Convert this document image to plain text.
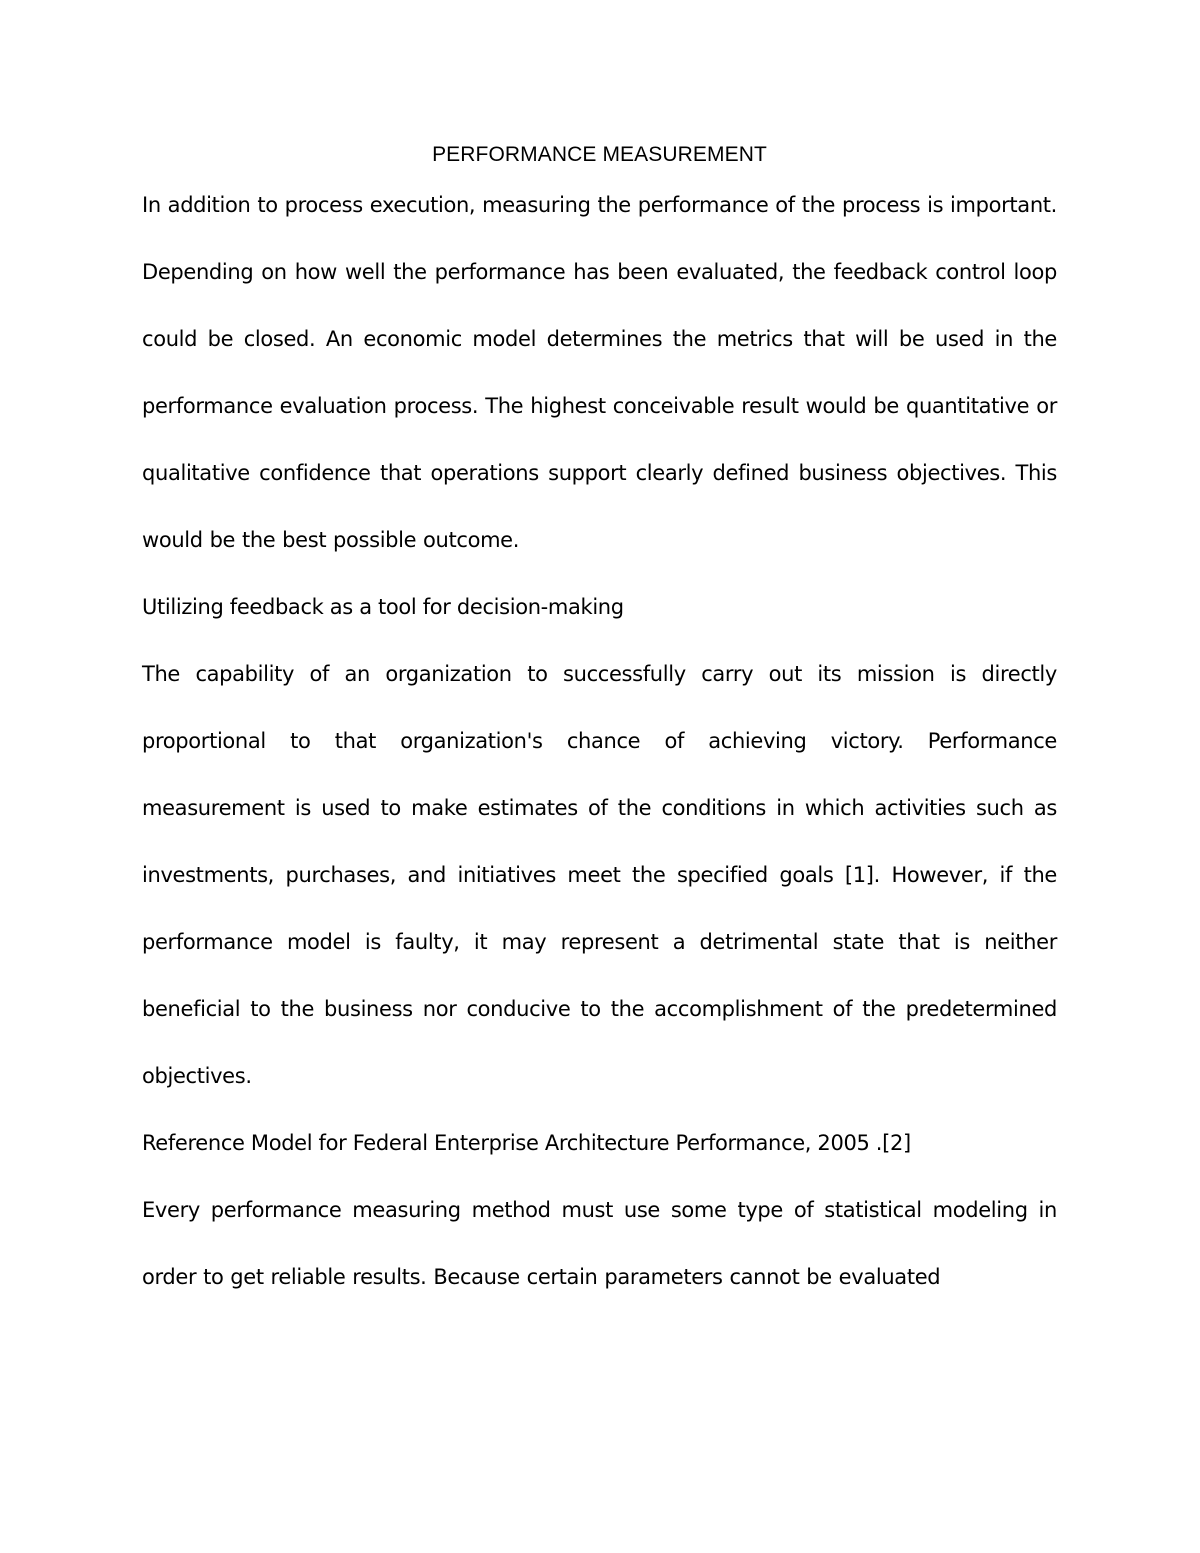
PERFORMANCE MEASUREMENT

In addition to process execution, measuring the performance of the process is important. Depending on how well the performance has been evaluated, the feedback control loop could be closed. An economic model determines the metrics that will be used in the performance evaluation process. The highest conceivable result would be quantitative or qualitative confidence that operations support clearly defined business objectives. This would be the best possible outcome.

Utilizing feedback as a tool for decision-making

The capability of an organization to successfully carry out its mission is directly proportional to that organization's chance of achieving victory. Performance measurement is used to make estimates of the conditions in which activities such as investments, purchases, and initiatives meet the specified goals [1]. However, if the performance model is faulty, it may represent a detrimental state that is neither beneficial to the business nor conducive to the accomplishment of the predetermined objectives.

Reference Model for Federal Enterprise Architecture Performance, 2005 .[2]

Every performance measuring method must use some type of statistical modeling in order to get reliable results. Because certain parameters cannot be evaluated
